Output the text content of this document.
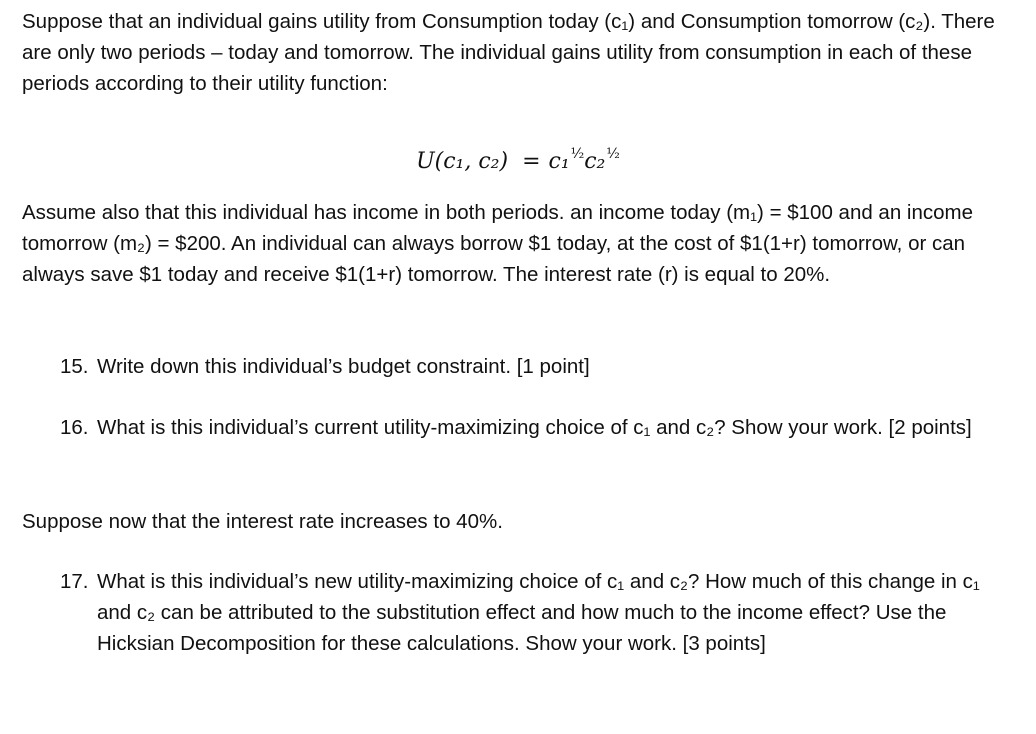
Suppose that an individual gains utility from Consumption today (c₁) and Consumption tomorrow (c₂). There are only two periods – today and tomorrow. The individual gains utility from consumption in each of these periods according to their utility function:

U(c₁, c₂) = c₁$^{^1⁄_2}$c₂$^{^1⁄_2}$

Assume also that this individual has income in both periods. an income today (m₁) = $100 and an income tomorrow (m₂) = $200. An individual can always borrow $1 today, at the cost of $1(1+r) tomorrow, or can always save $1 today and receive $1(1+r) tomorrow. The interest rate (r) is equal to 20%.

15. Write down this individual’s budget constraint. [1 point]
16. What is this individual’s current utility-maximizing choice of c₁ and c₂? Show your work. [2 points]

Suppose now that the interest rate increases to 40%.

17. What is this individual’s new utility-maximizing choice of c₁ and c₂? How much of this change in c₁ and c₂ can be attributed to the substitution effect and how much to the income effect? Use the Hicksian Decomposition for these calculations. Show your work. [3 points]
